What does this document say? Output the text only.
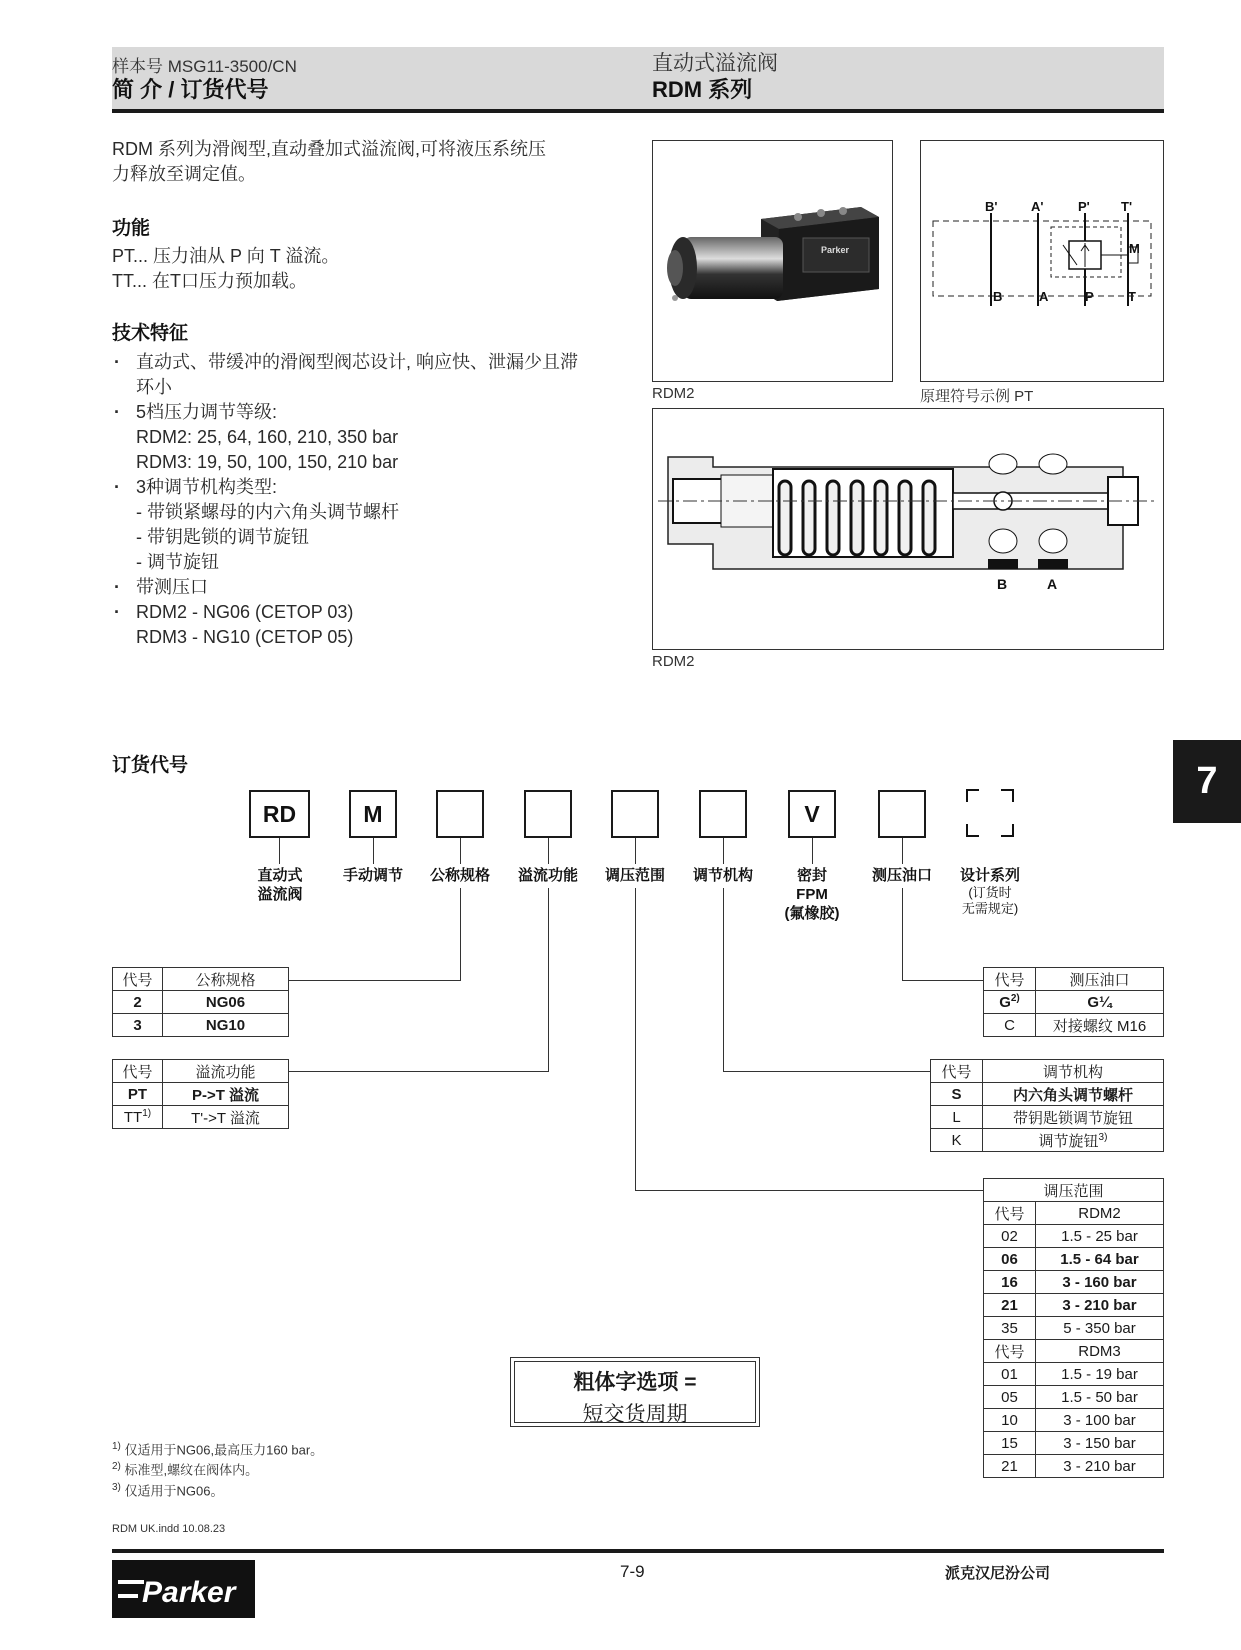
样本号 MSG11-3500/CN
简 介 / 订货代号
直动式溢流阀
RDM 系列
RDM 系列为滑阀型,直动叠加式溢流阀,可将液压系统压
力释放至调定值。
功能
PT... 压力油从 P 向 T 溢流。
TT... 在T口压力预加载。
技术特征
· 直动式、带缓冲的滑阀型阀芯设计, 响应快、泄漏少且滞
环小
· 5档压力调节等级:
RDM2: 25, 64, 160, 210, 350 bar
RDM3: 19, 50, 100, 150, 210 bar
· 3种调节机构类型:
- 带锁紧螺母的内六角头调节螺杆
- 带钥匙锁的调节旋钮
- 调节旋钮
· 带测压口
· RDM2 - NG06 (CETOP 03)
RDM3 - NG10 (CETOP 05)
Parker
RDM2
B'	A'	P' T'
B	A	P	T
M
原理符号示例 PT
B	A
RDM2
7
订货代号
RD	M	V
直动式
溢流阀
手动调节	公称规格	溢流功能	调压范围	调节机构	密封
FPM
(氟橡胶)
测压油口	设计系列
(订货时
无需规定)
代号	公称规格
2	NG06
3	NG10
代号	溢流功能
PT	P->T 溢流
TT$^{1)}$	T'->T 溢流
代号	测压油口
$G^{2)}$	G¼
C	对接螺纹 M16
代号	调节机构
S	内六角头调节螺杆
L	带钥匙锁调节旋钮
K	调节旋钮$^{3)}$
调压范围	
代号	RDM2
02	1.5 - 25 bar
06	1.5 - 64 bar
16	3 - 160 bar
21	3 - 210 bar
35	5 - 350 bar
代号	RDM3
01	1.5 - 19 bar
05	1.5 - 50 bar
10	3 - 100 bar
15	3 - 150 bar
21	3 - 210 bar
粗体字选项 =
短交货周期
$^{1)}$ 仅适用于NG06,最高压力160 bar。
$^{2)}$ 标准型,螺纹在阀体内。
$^{3)}$ 仅适用于NG06。
RDM UK.indd 10.08.23
Parker
7-9	派克汉尼汾公司
